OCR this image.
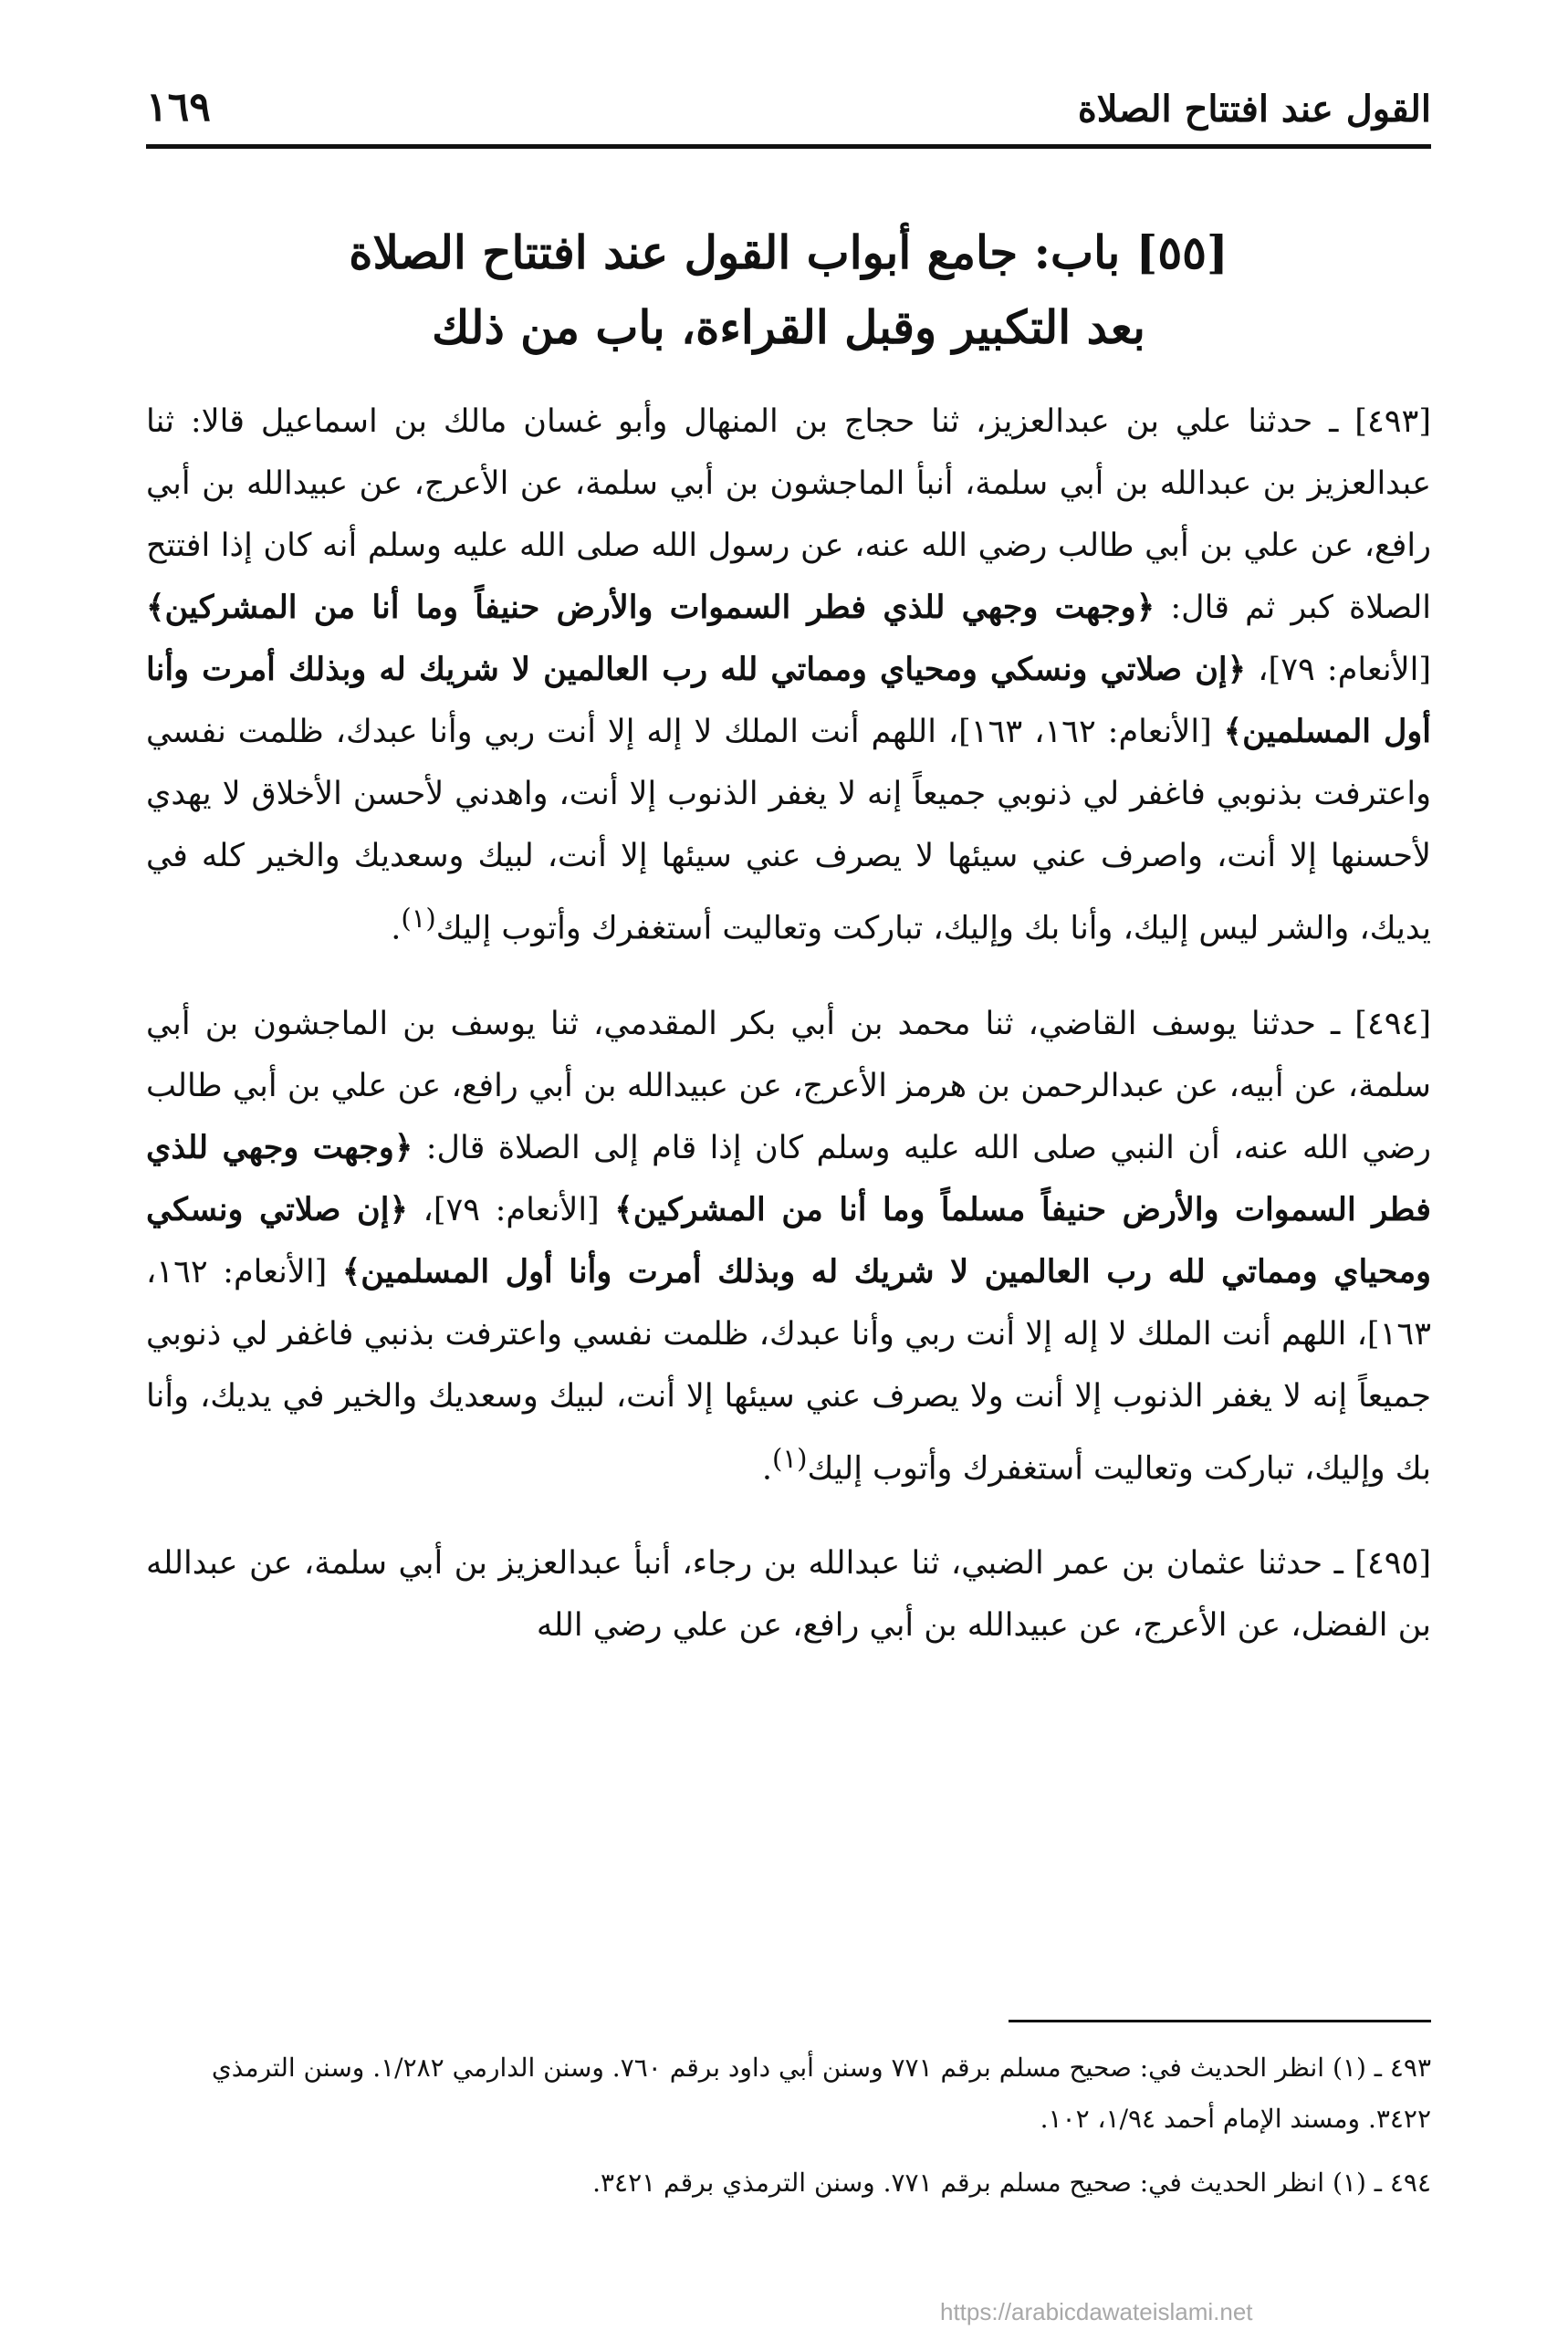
القول عند افتتاح الصلاة
١٦٩
[٥٥] باب: جامع أبواب القول عند افتتاح الصلاة
بعد التكبير وقبل القراءة، باب من ذلك

[٤٩٣] ـ حدثنا علي بن عبدالعزيز، ثنا حجاج بن المنهال وأبو غسان مالك بن اسماعيل قالا: ثنا عبدالعزيز بن عبدالله بن أبي سلمة، أنبأ الماجشون بن أبي سلمة، عن الأعرج، عن عبيدالله بن أبي رافع، عن علي بن أبي طالب رضي الله عنه، عن رسول الله صلى الله عليه وسلم أنه كان إذا افتتح الصلاة كبر ثم قال: ﴿وجهت وجهي للذي فطر السموات والأرض حنيفاً وما أنا من المشركين﴾ [الأنعام: ٧٩]، ﴿إن صلاتي ونسكي ومحياي ومماتي لله رب العالمين لا شريك له وبذلك أمرت وأنا أول المسلمين﴾ [الأنعام: ١٦٢، ١٦٣]، اللهم أنت الملك لا إله إلا أنت ربي وأنا عبدك، ظلمت نفسي واعترفت بذنوبي فاغفر لي ذنوبي جميعاً إنه لا يغفر الذنوب إلا أنت، واهدني لأحسن الأخلاق لا يهدي لأحسنها إلا أنت، واصرف عني سيئها لا يصرف عني سيئها إلا أنت، لبيك وسعديك والخير كله في يديك، والشر ليس إليك، وأنا بك وإليك، تباركت وتعاليت أستغفرك وأتوب إليك$^{(١)}$.

[٤٩٤] ـ حدثنا يوسف القاضي، ثنا محمد بن أبي بكر المقدمي، ثنا يوسف بن الماجشون بن أبي سلمة، عن أبيه، عن عبدالرحمن بن هرمز الأعرج، عن عبيدالله بن أبي رافع، عن علي بن أبي طالب رضي الله عنه، أن النبي صلى الله عليه وسلم كان إذا قام إلى الصلاة قال: ﴿وجهت وجهي للذي فطر السموات والأرض حنيفاً مسلماً وما أنا من المشركين﴾ [الأنعام: ٧٩]، ﴿إن صلاتي ونسكي ومحياي ومماتي لله رب العالمين لا شريك له وبذلك أمرت وأنا أول المسلمين﴾ [الأنعام: ١٦٢، ١٦٣]، اللهم أنت الملك لا إله إلا أنت ربي وأنا عبدك، ظلمت نفسي واعترفت بذنبي فاغفر لي ذنوبي جميعاً إنه لا يغفر الذنوب إلا أنت ولا يصرف عني سيئها إلا أنت، لبيك وسعديك والخير في يديك، وأنا بك وإليك، تباركت وتعاليت أستغفرك وأتوب إليك$^{(١)}$.

[٤٩٥] ـ حدثنا عثمان بن عمر الضبي، ثنا عبدالله بن رجاء، أنبأ عبدالعزيز بن أبي سلمة، عن عبدالله بن الفضل، عن الأعرج، عن عبيدالله بن أبي رافع، عن علي رضي الله

٤٩٣ ـ (١) انظر الحديث في: صحيح مسلم برقم ٧٧١ وسنن أبي داود برقم ٧٦٠. وسنن الدارمي ١/٢٨٢. وسنن الترمذي ٣٤٢٢. ومسند الإمام أحمد ١/٩٤، ١٠٢.
٤٩٤ ـ (١) انظر الحديث في: صحيح مسلم برقم ٧٧١. وسنن الترمذي برقم ٣٤٢١.
https://arabicdawateislami.net
